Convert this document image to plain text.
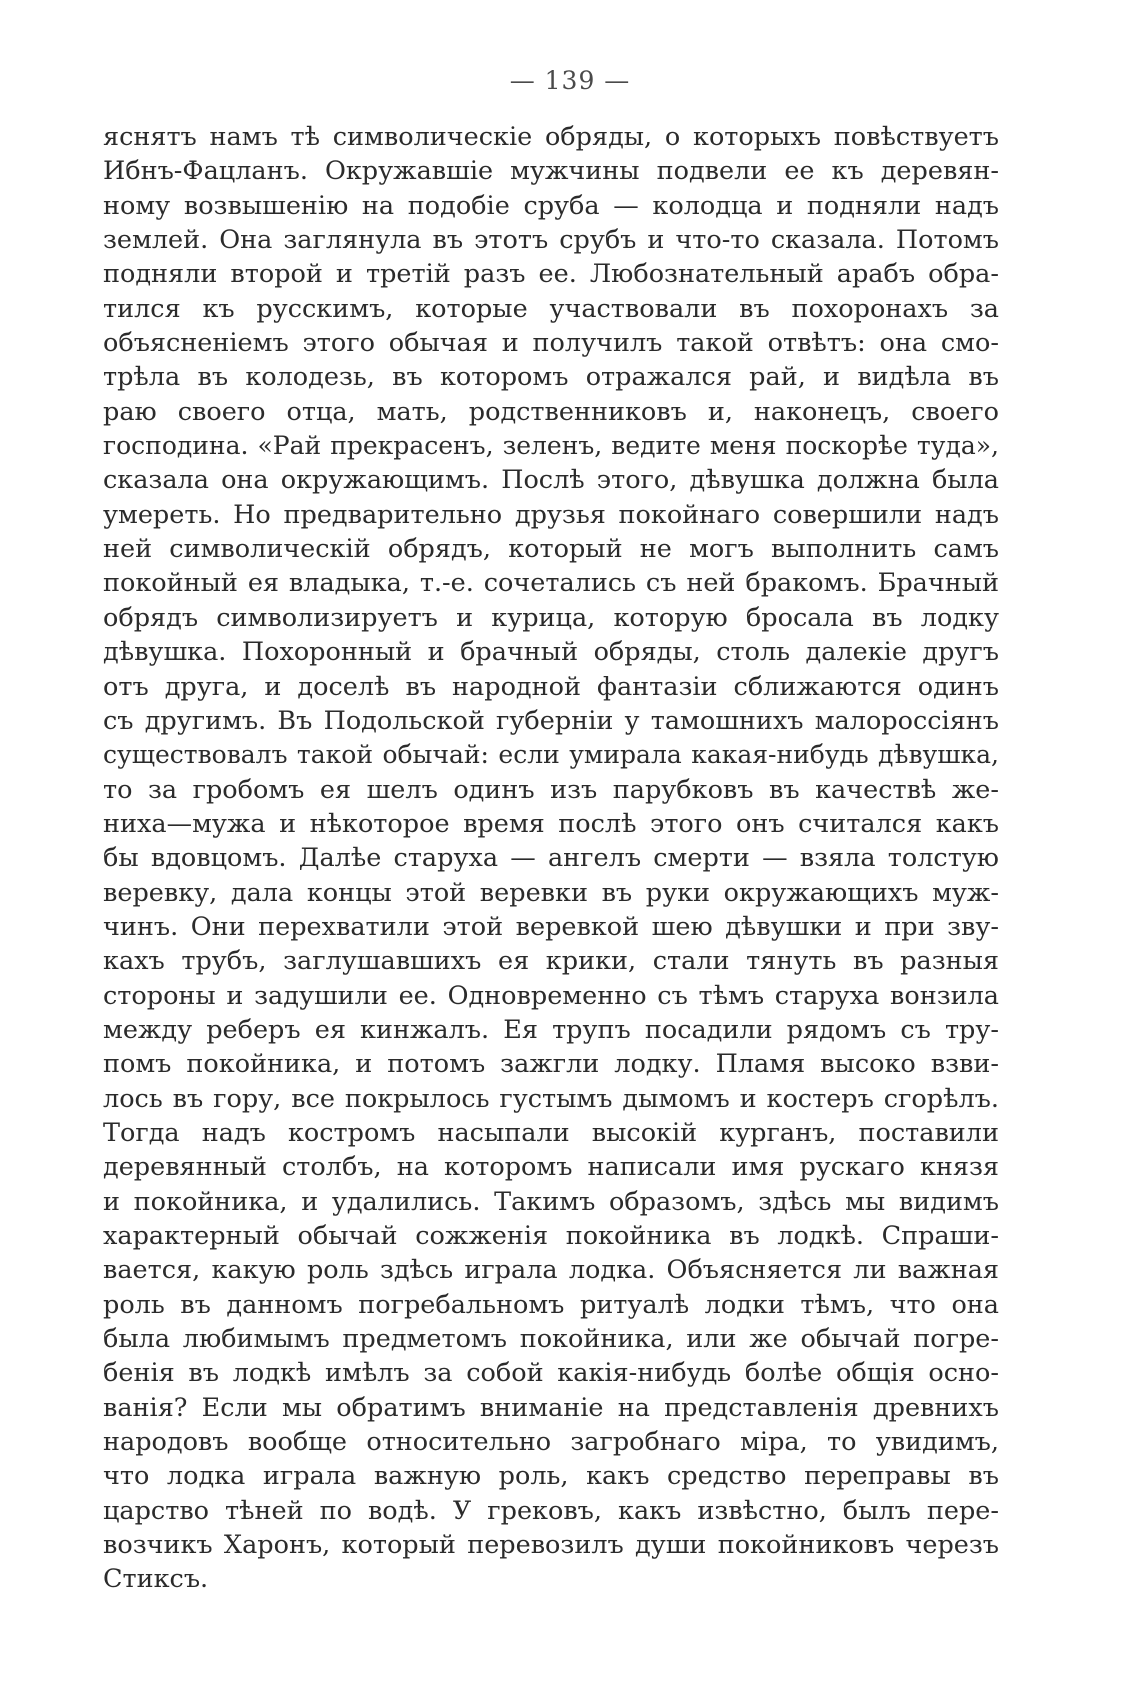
— 139 —
яснятъ намъ тѣ символическіе обряды, о которыхъ повѣствуетъ
Ибнъ-Фацланъ. Окружавшіе мужчины подвели ее къ деревян-
ному возвышенію на подобіе сруба — колодца и подняли надъ
землей. Она заглянула въ этотъ срубъ и что-то сказала. Потомъ
подняли второй и третій разъ ее. Любознательный арабъ обра-
тился къ русскимъ, которые участвовали въ похоронахъ за
объясненіемъ этого обычая и получилъ такой отвѣтъ: она смо-
трѣла въ колодезь, въ которомъ отражался рай, и видѣла въ
раю своего отца, мать, родственниковъ и, наконецъ, своего
господина. «Рай прекрасенъ, зеленъ, ведите меня поскорѣе туда»,
сказала она окружающимъ. Послѣ этого, дѣвушка должна была
умереть. Но предварительно друзья покойнаго совершили надъ
ней символическій обрядъ, который не могъ выполнить самъ
покойный ея владыка, т.-е. сочетались съ ней бракомъ. Брачный
обрядъ символизируетъ и курица, которую бросала въ лодку
дѣвушка. Похоронный и брачный обряды, столь далекіе другъ
отъ друга, и доселѣ въ народной фантазіи сближаются одинъ
съ другимъ. Въ Подольской губерніи у тамошнихъ малороссіянъ
существовалъ такой обычай: если умирала какая-нибудь дѣвушка,
то за гробомъ ея шелъ одинъ изъ парубковъ въ качествѣ же-
ниха—мужа и нѣкоторое время послѣ этого онъ считался какъ
бы вдовцомъ. Далѣе старуха — ангелъ смерти — взяла толстую
веревку, дала концы этой веревки въ руки окружающихъ муж-
чинъ. Они перехватили этой веревкой шею дѣвушки и при зву-
кахъ трубъ, заглушавшихъ ея крики, стали тянуть въ разныя
стороны и задушили ее. Одновременно съ тѣмъ старуха вонзила
между реберъ ея кинжалъ. Ея трупъ посадили рядомъ съ тру-
помъ покойника, и потомъ зажгли лодку. Пламя высоко взви-
лось въ гору, все покрылось густымъ дымомъ и костеръ сгорѣлъ.
Тогда надъ костромъ насыпали высокій курганъ, поставили
деревянный столбъ, на которомъ написали имя рускаго князя
и покойника, и удалились. Такимъ образомъ, здѣсь мы видимъ
характерный обычай сожженія покойника въ лодкѣ. Спраши-
вается, какую роль здѣсь играла лодка. Объясняется ли важная
роль въ данномъ погребальномъ ритуалѣ лодки тѣмъ, что она
была любимымъ предметомъ покойника, или же обычай погре-
бенія въ лодкѣ имѣлъ за собой какія-нибудь болѣе общія осно-
ванія? Если мы обратимъ вниманіе на представленія древнихъ
народовъ вообще относительно загробнаго міра, то увидимъ,
что лодка играла важную роль, какъ средство переправы въ
царство тѣней по водѣ. У грековъ, какъ извѣстно, былъ пере-
возчикъ Харонъ, который перевозилъ души покойниковъ черезъ
Стиксъ.
